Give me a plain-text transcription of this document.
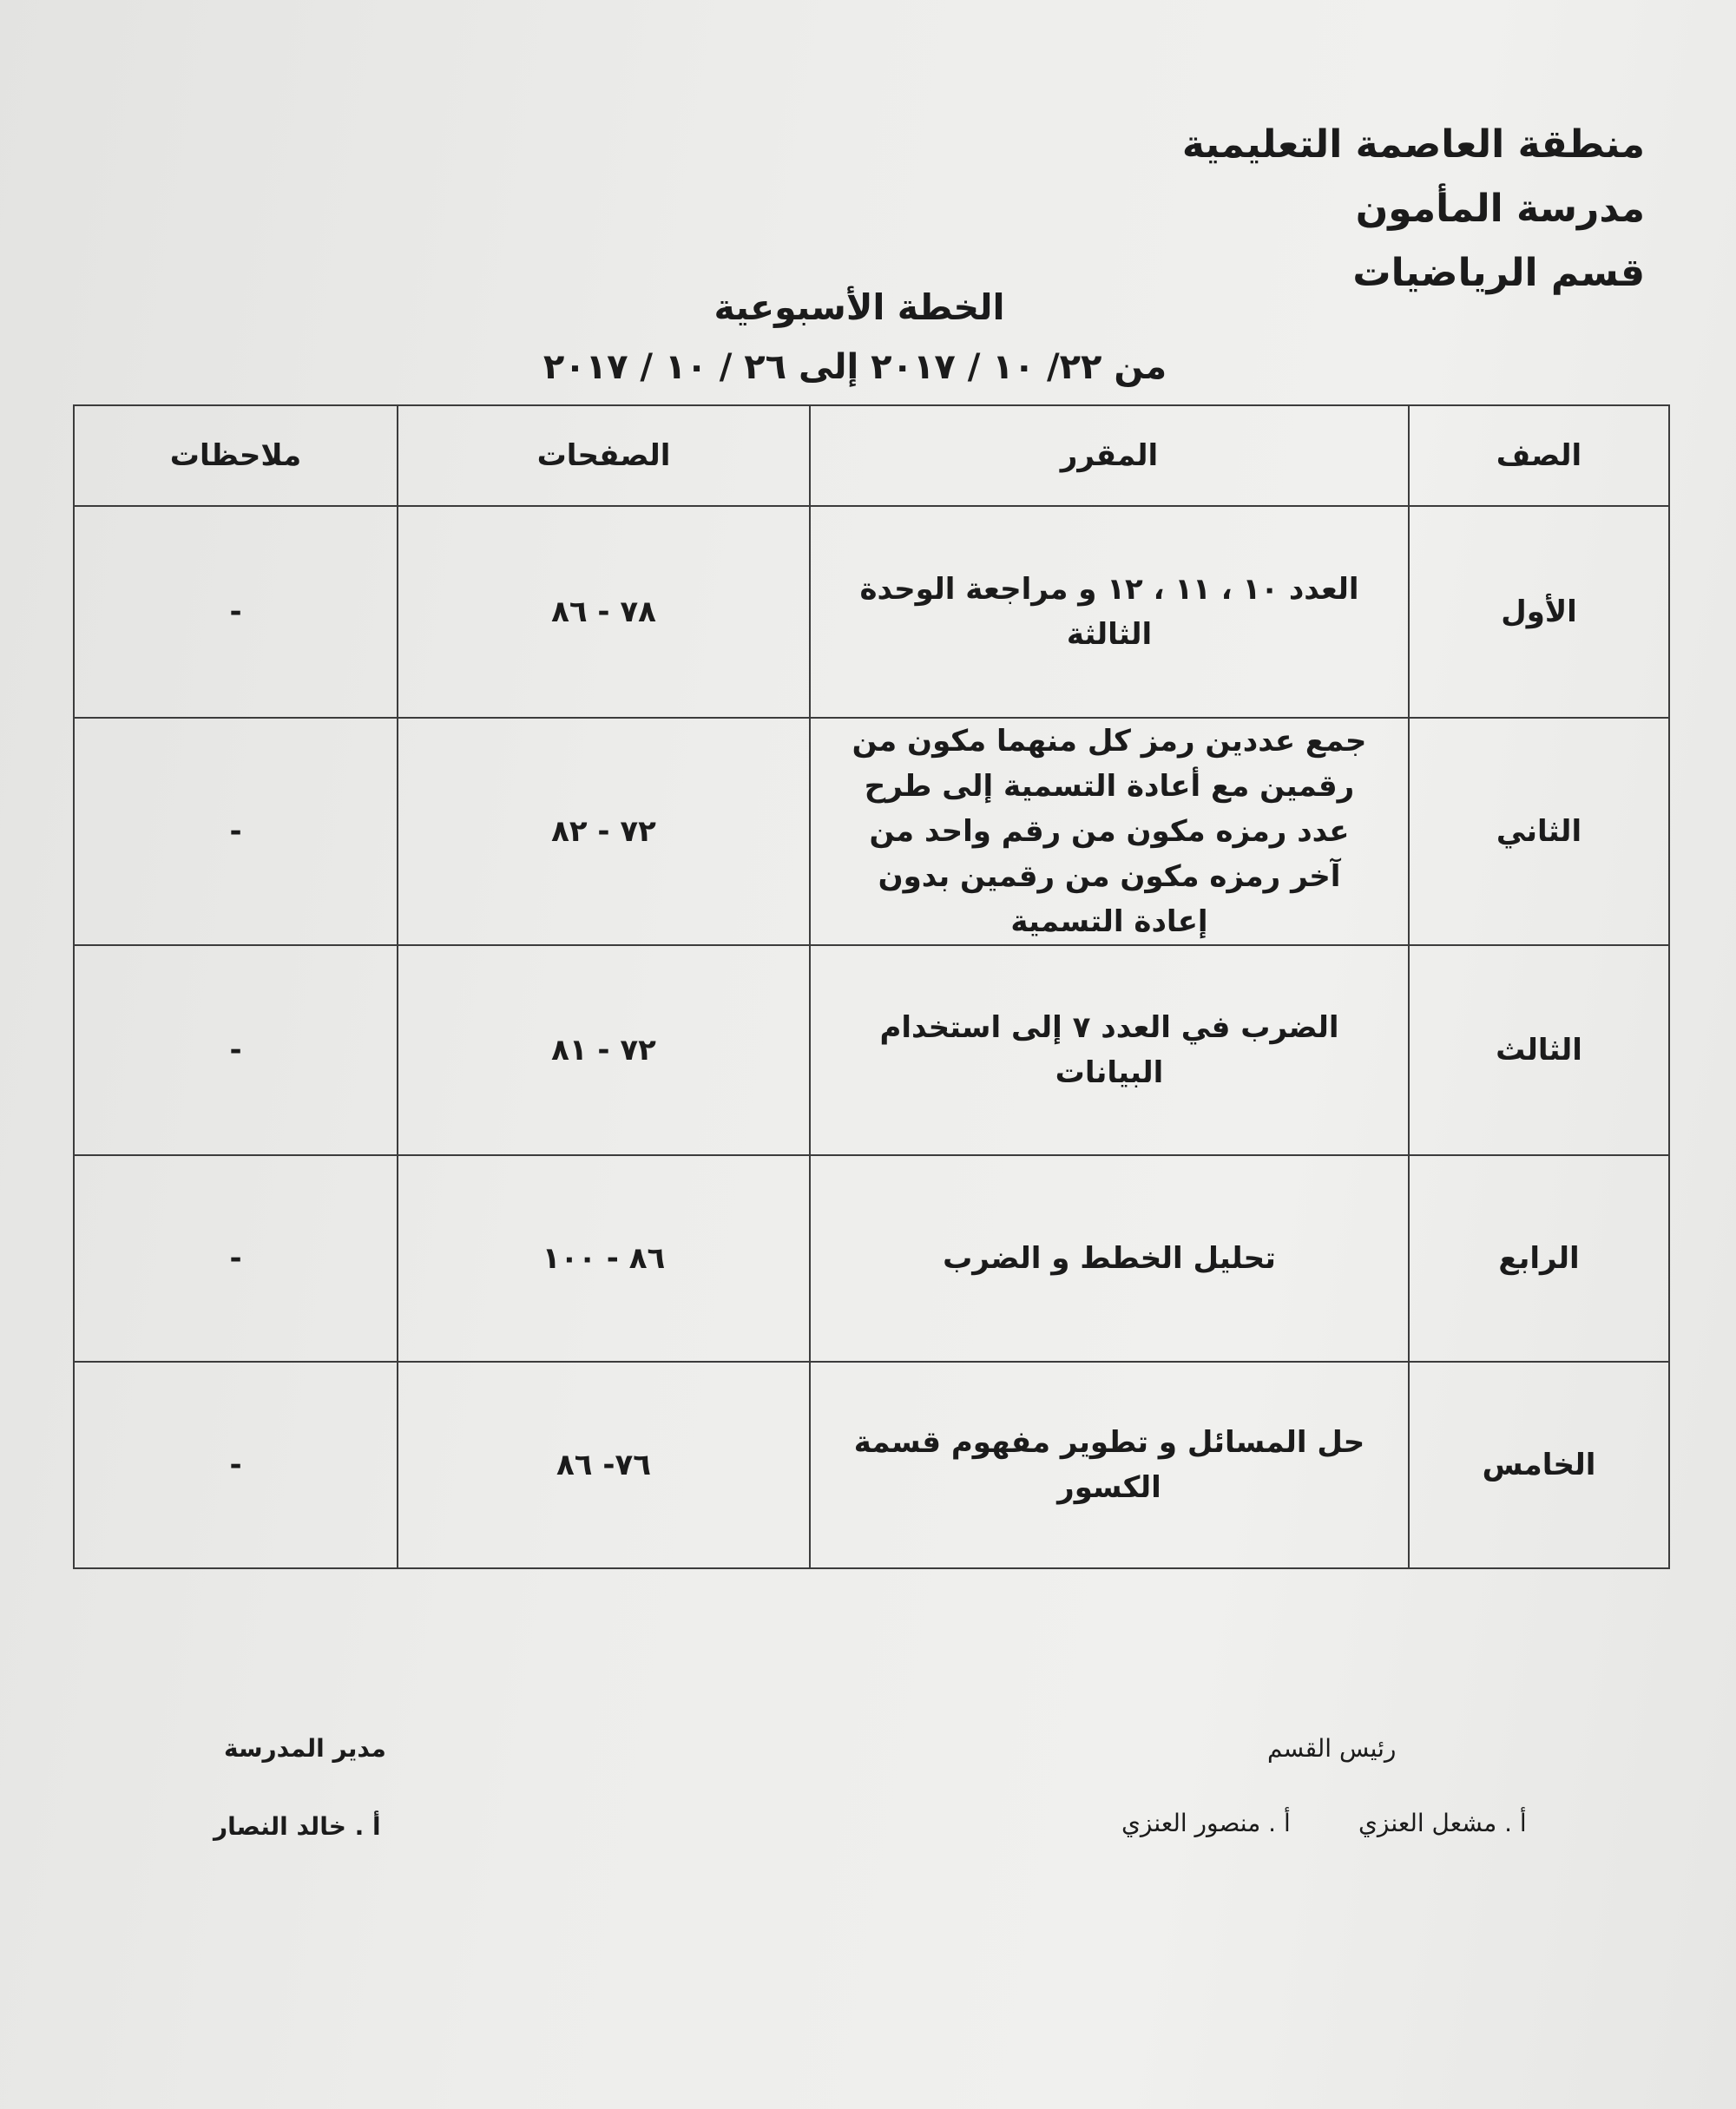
منطقة العاصمة التعليمية
مدرسة المأمون
قسم الرياضيات
الخطة الأسبوعية
من ٢٢/ ١٠ / ٢٠١٧ إلى ٢٦ / ١٠ / ٢٠١٧
الصف	المقرر	الصفحات	ملاحظات
الأول	العدد ١٠ ، ١١ ، ١٢ و مراجعة الوحدة الثالثة	٧٨ - ٨٦	-
الثاني	جمع عددين رمز كل منهما مكون من رقمين مع أعادة التسمية إلى طرح عدد رمزه مكون من رقم واحد من آخر رمزه مكون من رقمين بدون إعادة التسمية	٧٢ - ٨٢	-
الثالث	الضرب في العدد ٧ إلى استخدام البيانات	٧٢ - ٨١	-
الرابع	تحليل الخطط و الضرب	٨٦ - ١٠٠	-
الخامس	حل المسائل و تطوير مفهوم قسمة الكسور	٧٦- ٨٦	-
رئيس القسم
أ . مشعل العنزي
أ . منصور العنزي
مدير المدرسة
أ . خالد النصار
